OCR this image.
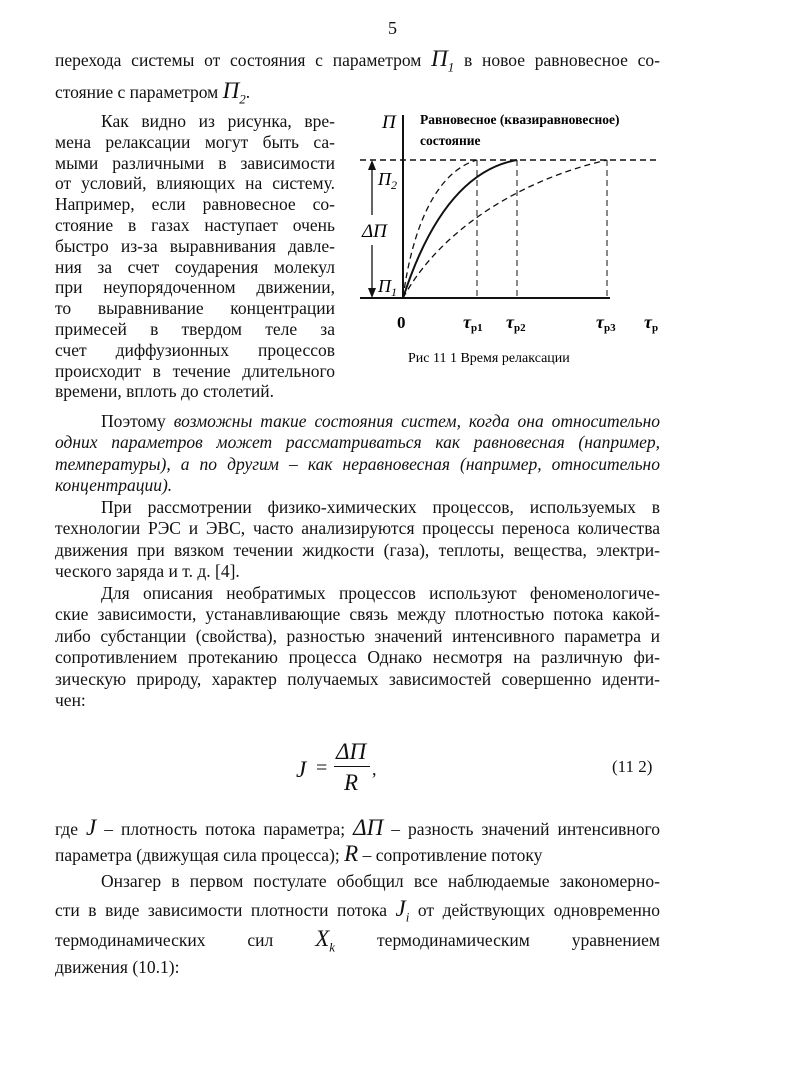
5
перехода системы от состояния с параметром $П_1$ в новое равновесное со-
стояние с параметром $П_2$.
Как видно из рисунка, вре-
мена релаксации могут быть са-
мыми различными в зависимости
от условий, влияющих на систему.
Например, если равновесное со-
стояние в газах наступает очень
быстро из-за выравнивания давле-
ния за счет соударения молекул
при неупорядоченном движении,
то выравнивание концентрации
примесей в твердом теле за
счет диффузионных процессов
происходит в течение длительного
времени, вплоть до столетий.
П Равновесное (квазиравновесное)
состояние
$П_2$
$П_1$
ΔП
0	τp1 τp2	τp3 τp
Рис 11 1 Время релаксации
Поэтому возможны такие состояния систем, когда она относительно
одних параметров может рассматриваться как равновесная (например,
температуры), а по другим – как неравновесная (например, относительно
концентрации).
При рассмотрении физико-химических процессов, используемых в
технологии РЭС и ЭВС, часто анализируются процессы переноса количества
движения при вязком течении жидкости (газа), теплоты, вещества, электри-
ческого заряда и т. д. [4].
Для описания необратимых процессов используют феноменологиче-
ские зависимости, устанавливающие связь между плотностью потока какой-
либо субстанции (свойства), разностью значений интенсивного параметра и
сопротивлением протеканию процесса Однако несмотря на различную фи-
зическую природу, характер получаемых зависимостей совершенно иденти-
чен:
J =
ΔП
R
,	(11 2)
где J – плотность потока параметра; ΔП – разность значений интенсивного
параметра (движущая сила процесса); R – сопротивление потоку
Онзагер в первом постулате обобщил все наблюдаемые закономерно-
сти в виде зависимости плотности потока $J_i$ от действующих одновременно
термодинамических сил $X_k$ термодинамическим уравнением
движения (10.1):
